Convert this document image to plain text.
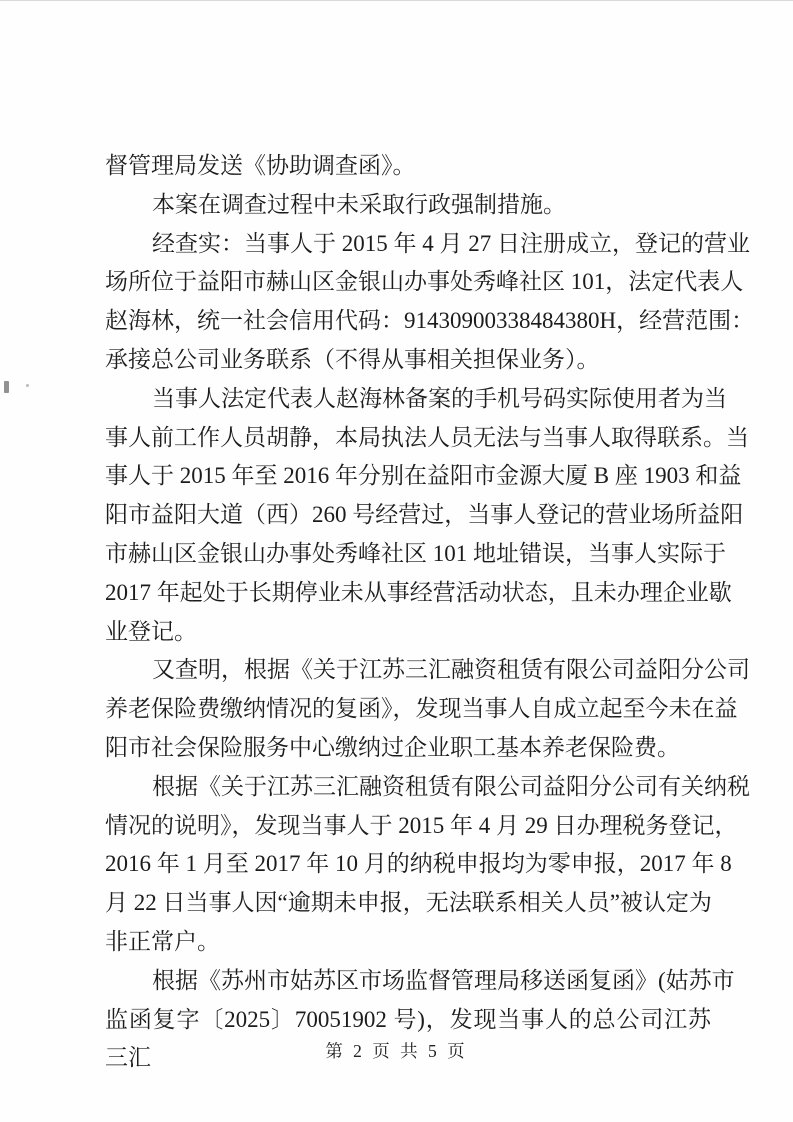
督管理局发送《协助调查函》。
本案在调查过程中未采取行政强制措施。
经查实：当事人于 2015 年 4 月 27 日注册成立，登记的营业
场所位于益阳市赫山区金银山办事处秀峰社区 101，法定代表人
赵海林，统一社会信用代码：91430900338484380H，经营范围：
承接总公司业务联系（不得从事相关担保业务）。
当事人法定代表人赵海林备案的手机号码实际使用者为当
事人前工作人员胡静，本局执法人员无法与当事人取得联系。当
事人于 2015 年至 2016 年分别在益阳市金源大厦 B 座 1903 和益
阳市益阳大道（西）260 号经营过，当事人登记的营业场所益阳
市赫山区金银山办事处秀峰社区 101 地址错误，当事人实际于
2017 年起处于长期停业未从事经营活动状态，且未办理企业歇
业登记。
又查明，根据《关于江苏三汇融资租赁有限公司益阳分公司
养老保险费缴纳情况的复函》，发现当事人自成立起至今未在益
阳市社会保险服务中心缴纳过企业职工基本养老保险费。
根据《关于江苏三汇融资租赁有限公司益阳分公司有关纳税
情况的说明》，发现当事人于 2015 年 4 月 29 日办理税务登记，
2016 年 1 月至 2017 年 10 月的纳税申报均为零申报，2017 年 8
月 22 日当事人因“逾期未申报，无法联系相关人员”被认定为
非正常户。
根据《苏州市姑苏区市场监督管理局移送函复函》(姑苏市
监函复字〔2025〕70051902 号)，发现当事人的总公司江苏三汇	第 2 页 共 5 页
